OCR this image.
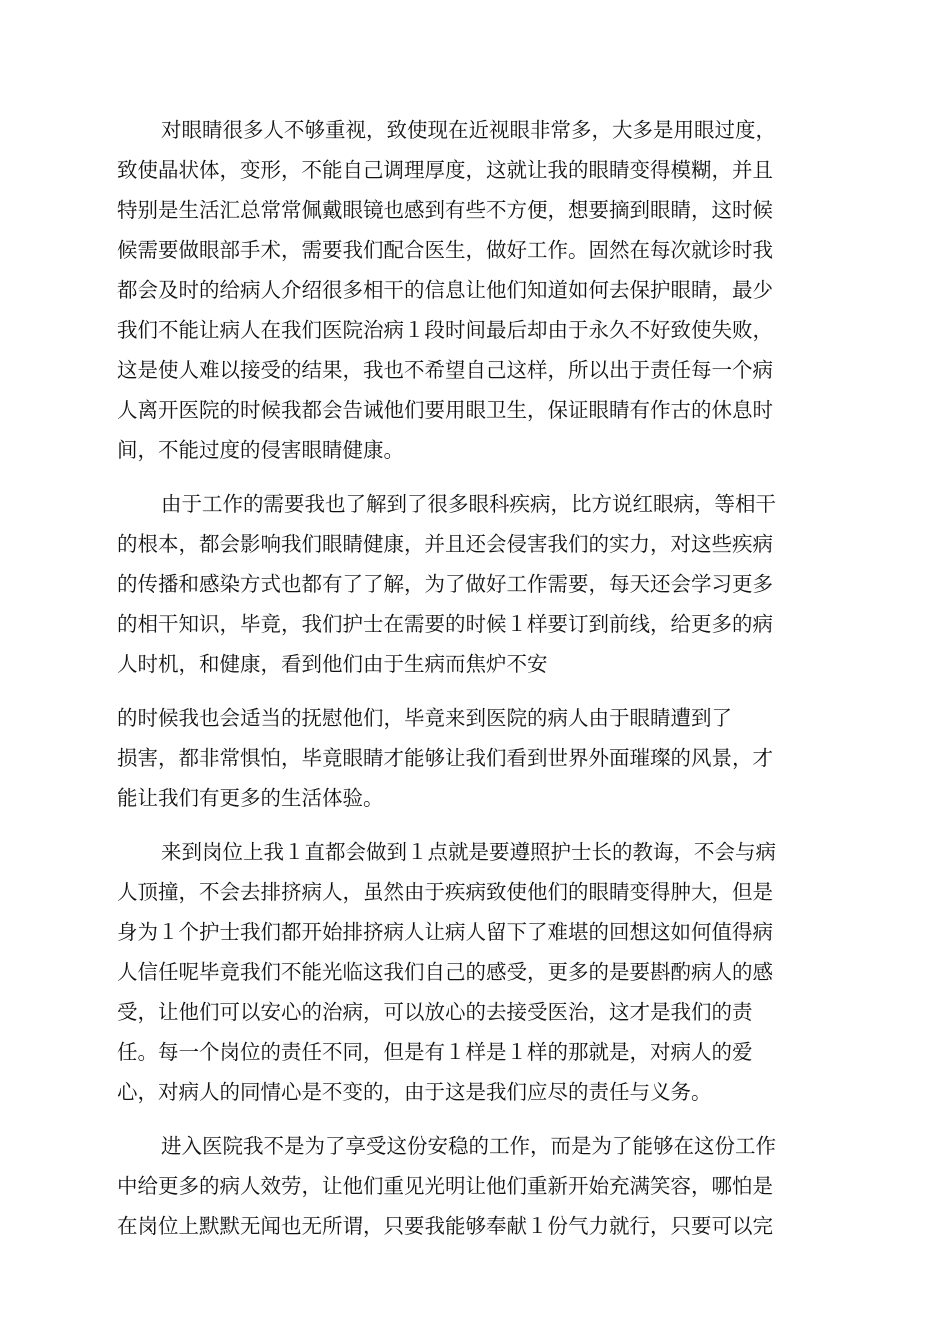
对眼睛很多人不够重视，致使现在近视眼非常多，大多是用眼过度，
致使晶状体，变形，不能自己调理厚度，这就让我的眼睛变得模糊，并且
特别是生活汇总常常佩戴眼镜也感到有些不方便，想要摘到眼睛，这时候
候需要做眼部手术，需要我们配合医生，做好工作。固然在每次就诊时我
都会及时的给病人介绍很多相干的信息让他们知道如何去保护眼睛，最少
我们不能让病人在我们医院治病１段时间最后却由于永久不好致使失败，
这是使人难以接受的结果，我也不希望自己这样，所以出于责任每一个病
人离开医院的时候我都会告诫他们要用眼卫生，保证眼睛有作古的休息时
间，不能过度的侵害眼睛健康。

由于工作的需要我也了解到了很多眼科疾病，比方说红眼病，等相干
的根本，都会影响我们眼睛健康，并且还会侵害我们的实力，对这些疾病
的传播和感染方式也都有了了解，为了做好工作需要，每天还会学习更多
的相干知识，毕竟，我们护士在需要的时候１样要订到前线，给更多的病
人时机，和健康，看到他们由于生病而焦炉不安

的时候我也会适当的抚慰他们，毕竟来到医院的病人由于眼睛遭到了
损害，都非常惧怕，毕竟眼睛才能够让我们看到世界外面璀璨的风景，才
能让我们有更多的生活体验。

来到岗位上我１直都会做到１点就是要遵照护士长的教诲，不会与病
人顶撞，不会去排挤病人，虽然由于疾病致使他们的眼睛变得肿大，但是
身为１个护士我们都开始排挤病人让病人留下了难堪的回想这如何值得病
人信任呢毕竟我们不能光临这我们自己的感受，更多的是要斟酌病人的感
受，让他们可以安心的治病，可以放心的去接受医治，这才是我们的责
任。每一个岗位的责任不同，但是有１样是１样的那就是，对病人的爱
心，对病人的同情心是不变的，由于这是我们应尽的责任与义务。

进入医院我不是为了享受这份安稳的工作，而是为了能够在这份工作
中给更多的病人效劳，让他们重见光明让他们重新开始充满笑容，哪怕是
在岗位上默默无闻也无所谓，只要我能够奉献１份气力就行，只要可以完
